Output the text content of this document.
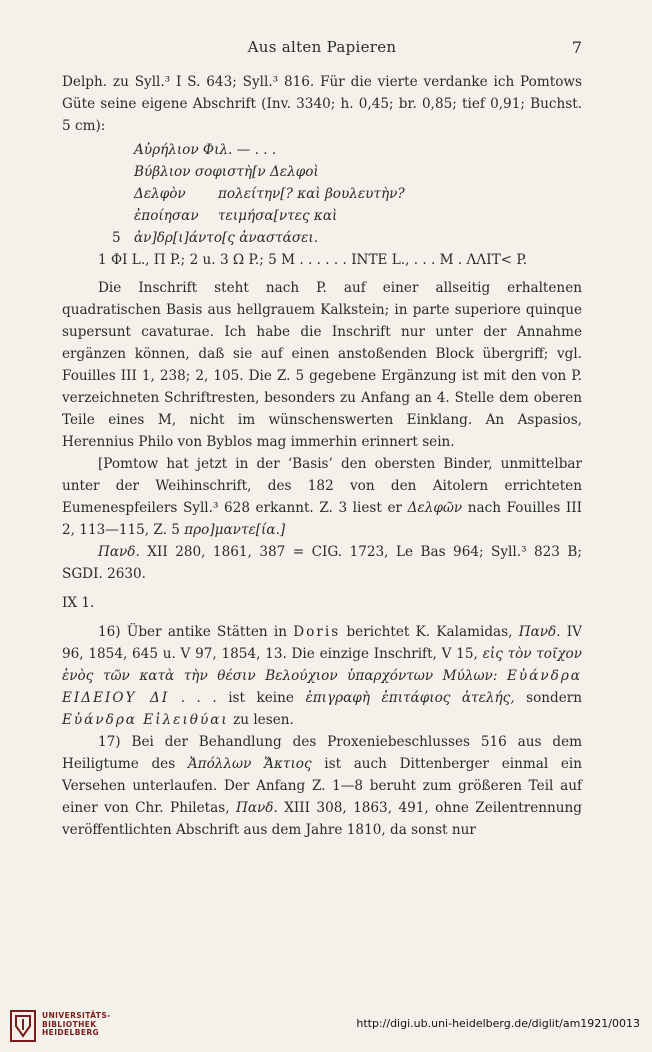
Aus alten Papieren	7

Delph. zu Syll.³ I S. 643; Syll.³ 816. Für die vierte verdanke ich Pomtows Güte seine eigene Abschrift (Inv. 3340; h. 0,45; br. 0,85; tief 0,91; Buchst. 5 cm):

Αὐρήλιον Φιλ. — . . .
Βύβλιον σοφιστὴ[ν Δελφοὶ
Δελφὸν πολείτην[? καὶ βουλευτὴν?
ἐποίησαν τειμήσα[ντες καὶ
5 ἀν]δρ[ι]άντο[ς ἀναστάσει.

1 ΦΙ L., Π P.; 2 u. 3 Ω P.; 5 Μ . . . . . . ΙΝΤΕ L., . . . Μ . ΛΛΙΤ< P.

Die Inschrift steht nach P. auf einer allseitig erhaltenen quadratischen Basis aus hellgrauem Kalkstein; in parte superiore quinque supersunt cavaturae. Ich habe die Inschrift nur unter der Annahme ergänzen können, daß sie auf einen anstoßenden Block übergriff; vgl. Fouilles III 1, 238; 2, 105. Die Z. 5 gegebene Ergänzung ist mit den von P. verzeichneten Schriftresten, besonders zu Anfang an 4. Stelle dem oberen Teile eines M, nicht im wünschenswerten Einklang. An Aspasios, Herennius Philo von Byblos mag immerhin erinnert sein.

[Pomtow hat jetzt in der ‘Basis’ den obersten Binder, unmittelbar unter der Weihinschrift, des 182 von den Aitolern errichteten Eumenespfeilers Syll.³ 628 erkannt. Z. 3 liest er Δελφῶν nach Fouilles III 2, 113—115, Z. 5 προ]μαντε[ία.]

Πανδ. XII 280, 1861, 387 = CIG. 1723, Le Bas 964; Syll.³ 823 B; SGDI. 2630.

IX 1.

16) Über antike Stätten in Doris berichtet K. Kalamidas, Πανδ. IV 96, 1854, 645 u. V 97, 1854, 13. Die einzige Inschrift, V 15, εἰς τὸν τοῖχον ἑνὸς τῶν κατὰ τὴν θέσιν Βελούχιον ὑπαρχόντων Μύλων: Εὐάνδρα ΕΙΔΕΙΟΥ ΔΙ . . . ist keine ἐπιγραφὴ ἐπιτάφιος ἀτελής, sondern Εὐάνδρα Εἰλειθύαι zu lesen.

17) Bei der Behandlung des Proxeniebeschlusses 516 aus dem Heiligtume des Ἀπόλλων Ἄκτιος ist auch Dittenberger einmal ein Versehen unterlaufen. Der Anfang Z. 1—8 beruht zum größeren Teil auf einer von Chr. Philetas, Πανδ. XIII 308, 1863, 491, ohne Zeilentrennung veröffentlichten Abschrift aus dem Jahre 1810, da sonst nur

UNIVERSITÄTS-
BIBLIOTHEK
HEIDELBERG
http://digi.ub.uni-heidelberg.de/diglit/am1921/0013
